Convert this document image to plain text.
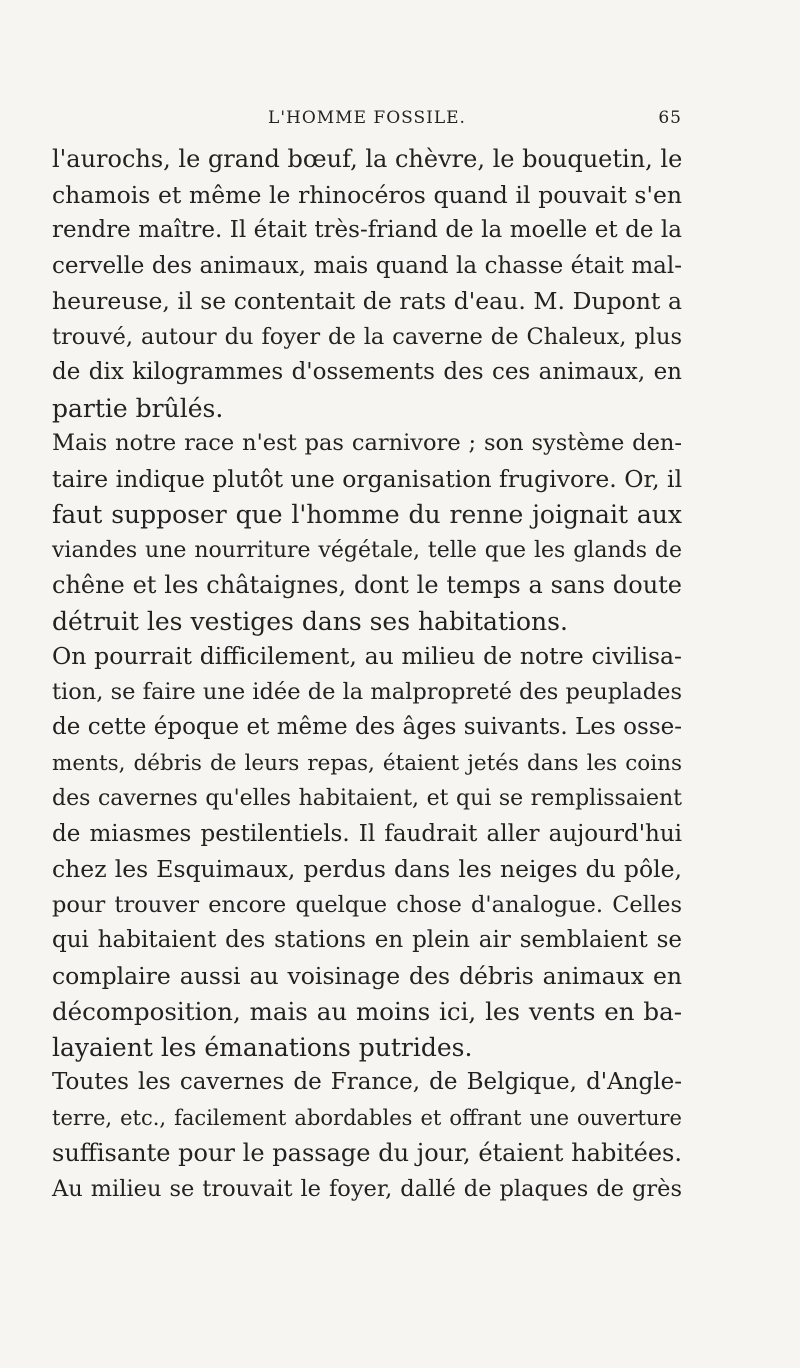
L'HOMME FOSSILE.	65
l'aurochs, le grand bœuf, la chèvre, le bouquetin, le
chamois et même le rhinocéros quand il pouvait s'en
rendre maître. Il était très-friand de la moelle et de la
cervelle des animaux, mais quand la chasse était mal-
heureuse, il se contentait de rats d'eau. M. Dupont a
trouvé, autour du foyer de la caverne de Chaleux, plus
de dix kilogrammes d'ossements des ces animaux, en
partie brûlés.
Mais notre race n'est pas carnivore ; son système den-
taire indique plutôt une organisation frugivore. Or, il
faut supposer que l'homme du renne joignait aux
viandes une nourriture végétale, telle que les glands de
chêne et les châtaignes, dont le temps a sans doute
détruit les vestiges dans ses habitations.
On pourrait difficilement, au milieu de notre civilisa-
tion, se faire une idée de la malpropreté des peuplades
de cette époque et même des âges suivants. Les osse-
ments, débris de leurs repas, étaient jetés dans les coins
des cavernes qu'elles habitaient, et qui se remplissaient
de miasmes pestilentiels. Il faudrait aller aujourd'hui
chez les Esquimaux, perdus dans les neiges du pôle,
pour trouver encore quelque chose d'analogue. Celles
qui habitaient des stations en plein air semblaient se
complaire aussi au voisinage des débris animaux en
décomposition, mais au moins ici, les vents en ba-
layaient les émanations putrides.
Toutes les cavernes de France, de Belgique, d'Angle-
terre, etc., facilement abordables et offrant une ouverture
suffisante pour le passage du jour, étaient habitées.
Au milieu se trouvait le foyer, dallé de plaques de grès
